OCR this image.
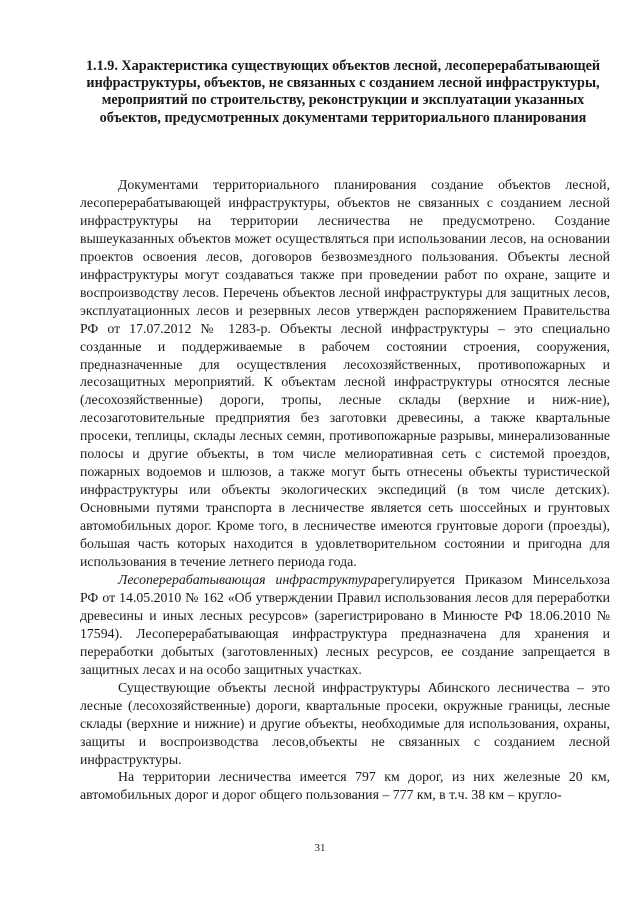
1.1.9. Характеристика существующих объектов лесной, лесоперерабатывающей инфраструктуры, объектов, не связанных с созданием лесной инфраструктуры, мероприятий по строительству, реконструкции и эксплуатации указанных объектов, предусмотренных документами территориального планирования

Документами территориального планирования создание объектов лесной, лесоперерабатывающей инфраструктуры, объектов не связанных с созданием лесной инфраструктуры на территории лесничества не предусмотрено. Создание вышеуказанных объектов может осуществляться при использовании лесов, на основании проектов освоения лесов, договоров безвозмездного пользования. Объекты лесной инфраструктуры могут создаваться также при проведении работ по охране, защите и воспроизводству лесов. Перечень объектов лесной инфраструктуры для защитных лесов, эксплуатационных лесов и резервных лесов утвержден распоряжением Правительства РФ от 17.07.2012 № 1283-р. Объекты лесной инфраструктуры – это специально созданные и поддерживаемые в рабочем состоянии строения, сооружения, предназначенные для осуществления лесохозяйственных, противопожарных и лесозащитных мероприятий. К объектам лесной инфраструктуры относятся лесные (лесохозяйственные) дороги, тропы, лесные склады (верхние и ниж-ние), лесозаготовительные предприятия без заготовки древесины, а также квартальные просеки, теплицы, склады лесных семян, противопожарные разрывы, минерализованные полосы и другие объекты, в том числе мелиоративная сеть с системой проездов, пожарных водоемов и шлюзов, а также могут быть отнесены объекты туристической инфраструктуры или объекты экологических экспедиций (в том числе детских). Основными путями транспорта в лесничестве является сеть шоссейных и грунтовых автомобильных дорог. Кроме того, в лесничестве имеются грунтовые дороги (проезды), большая часть которых находится в удовлетворительном состоянии и пригодна для использования в течение летнего периода года.

Лесоперерабатывающая инфраструктурарегулируется Приказом Минсельхоза РФ от 14.05.2010 № 162 «Об утверждении Правил использования лесов для переработки древесины и иных лесных ресурсов» (зарегистрировано в Минюсте РФ 18.06.2010 № 17594). Лесоперерабатывающая инфраструктура предназначена для хранения и переработки добытых (заготовленных) лесных ресурсов, ее создание запрещается в защитных лесах и на особо защитных участках.

Существующие объекты лесной инфраструктуры Абинского лесничества – это лесные (лесохозяйственные) дороги, квартальные просеки, окружные границы, лесные склады (верхние и нижние) и другие объекты, необходимые для использования, охраны, защиты и воспроизводства лесов,объекты не связанных с созданием лесной инфраструктуры.

На территории лесничества имеется 797 км дорог, из них железные 20 км, автомобильных дорог и дорог общего пользования – 777 км, в т.ч. 38 км – кругло-

31
